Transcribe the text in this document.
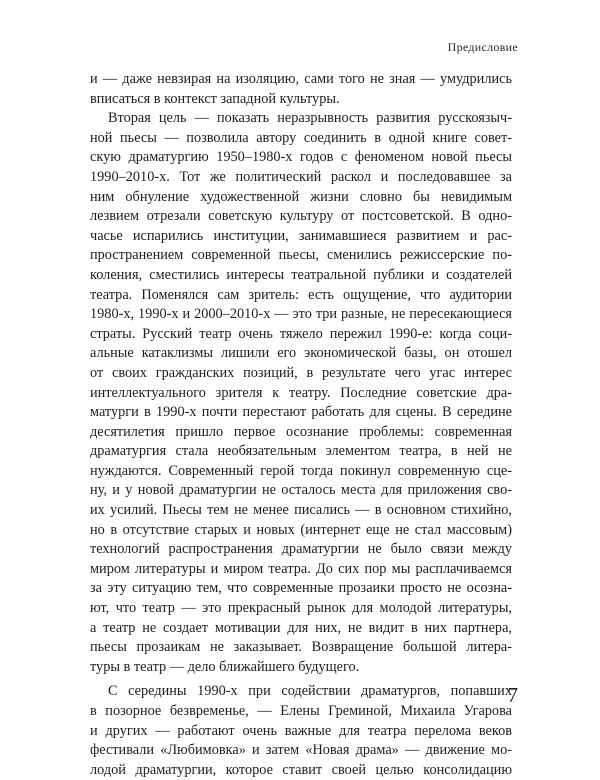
Предисловие
и — даже невзирая на изоляцию, сами того не зная — умудрились
вписаться в контекст западной культуры.
Вторая цель — показать неразрывность развития русскоязыч-
ной пьесы — позволила автору соединить в одной книге совет-
скую драматургию 1950–1980-х годов с феноменом новой пьесы
1990–2010-х. Тот же политический раскол и последовавшее за
ним обнуление художественной жизни словно бы невидимым
лезвием отрезали советскую культуру от постсоветской. В одно-
часье испарились институции, занимавшиеся развитием и рас-
пространением современной пьесы, сменились режиссерские по-
коления, сместились интересы театральной публики и создателей
театра. Поменялся сам зритель: есть ощущение, что аудитории
1980-х, 1990-х и 2000–2010-х — это три разные, не пересекающиеся
страты. Русский театр очень тяжело пережил 1990-е: когда соци-
альные катаклизмы лишили его экономической базы, он отошел
от своих гражданских позиций, в результате чего угас интерес
интеллектуального зрителя к театру. Последние советские дра-
матурги в 1990-х почти перестают работать для сцены. В середине
десятилетия пришло первое осознание проблемы: современная
драматургия стала необязательным элементом театра, в ней не
нуждаются. Современный герой тогда покинул современную сце-
ну, и у новой драматургии не осталось места для приложения сво-
их усилий. Пьесы тем не менее писались — в основном стихийно,
но в отсутствие старых и новых (интернет еще не стал массовым)
технологий распространения драматургии не было связи между
миром литературы и миром театра. До сих пор мы расплачиваемся
за эту ситуацию тем, что современные прозаики просто не осозна-
ют, что театр — это прекрасный рынок для молодой литературы,
а театр не создает мотивации для них, не видит в них партнера,
пьесы прозаикам не заказывает. Возвращение большой литера-
туры в театр — дело ближайшего будущего.
С середины 1990-х при содействии драматургов, попавших
в позорное безвременье, — Елены Греминой, Михаила Угарова
и других — работают очень важные для театра перелома веков
фестивали «Любимовка» и затем «Новая драма» — движение мо-
лодой драматургии, которое ставит своей целью консолидацию
7
